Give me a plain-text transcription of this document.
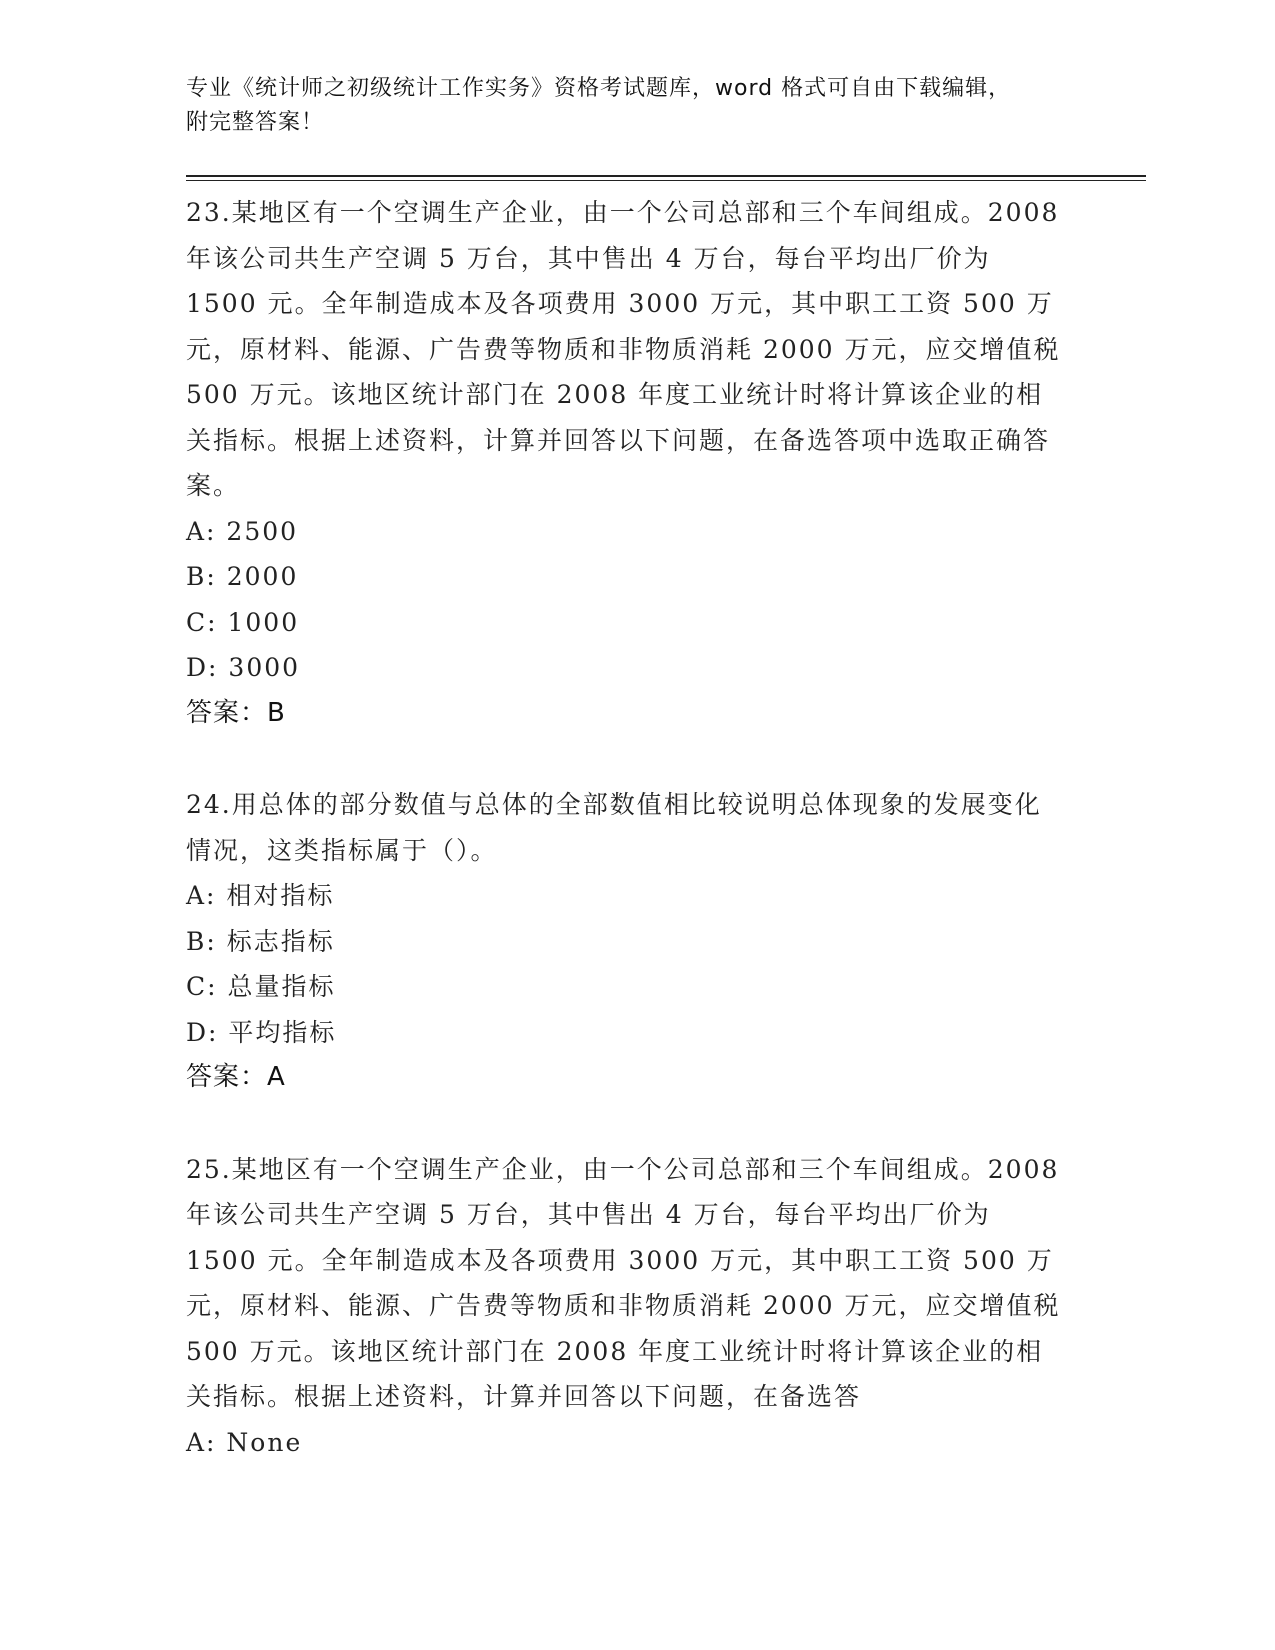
专业《统计师之初级统计工作实务》资格考试题库，word 格式可自由下载编辑，
附完整答案！

23.某地区有一个空调生产企业，由一个公司总部和三个车间组成。2008 年该公司共生产空调 5 万台，其中售出 4 万台，每台平均出厂价为 1500 元。全年制造成本及各项费用 3000 万元，其中职工工资 500 万元，原材料、能源、广告费等物质和非物质消耗 2000 万元，应交增值税 500 万元。该地区统计部门在 2008 年度工业统计时将计算该企业的相关指标。根据上述资料，计算并回答以下问题，在备选答项中选取正确答案。

A: 2500

B: 2000

C: 1000

D: 3000

答案：B

24.用总体的部分数值与总体的全部数值相比较说明总体现象的发展变化情况，这类指标属于（）。

A: 相对指标

B: 标志指标

C: 总量指标

D: 平均指标

答案：A

25.某地区有一个空调生产企业，由一个公司总部和三个车间组成。2008 年该公司共生产空调 5 万台，其中售出 4 万台，每台平均出厂价为 1500 元。全年制造成本及各项费用 3000 万元，其中职工工资 500 万元，原材料、能源、广告费等物质和非物质消耗 2000 万元，应交增值税 500 万元。该地区统计部门在 2008 年度工业统计时将计算该企业的相关指标。根据上述资料，计算并回答以下问题，在备选答

A: None
